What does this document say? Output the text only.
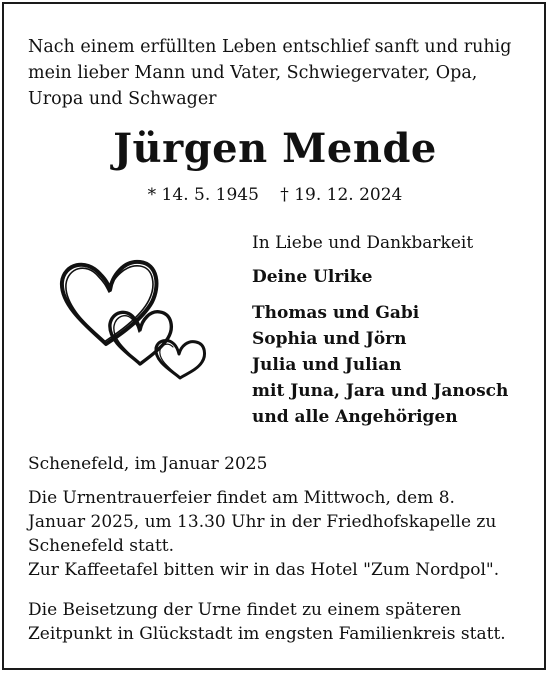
Nach einem erfüllten Leben entschlief sanft und ruhig
mein lieber Mann und Vater, Schwiegervater, Opa,
Uropa und Schwager
Jürgen Mende
* 14. 5. 1945 † 19. 12. 2024
In Liebe und Dankbarkeit
Deine Ulrike
Thomas und Gabi
Sophia und Jörn
Julia und Julian
mit Juna, Jara und Janosch
und alle Angehörigen
Schenefeld, im Januar 2025
Die Urnentrauerfeier findet am Mittwoch, dem 8.
Januar 2025, um 13.30 Uhr in der Friedhofskapelle zu
Schenefeld statt.
Zur Kaffeetafel bitten wir in das Hotel "Zum Nordpol".
Die Beisetzung der Urne findet zu einem späteren
Zeitpunkt in Glückstadt im engsten Familienkreis statt.
